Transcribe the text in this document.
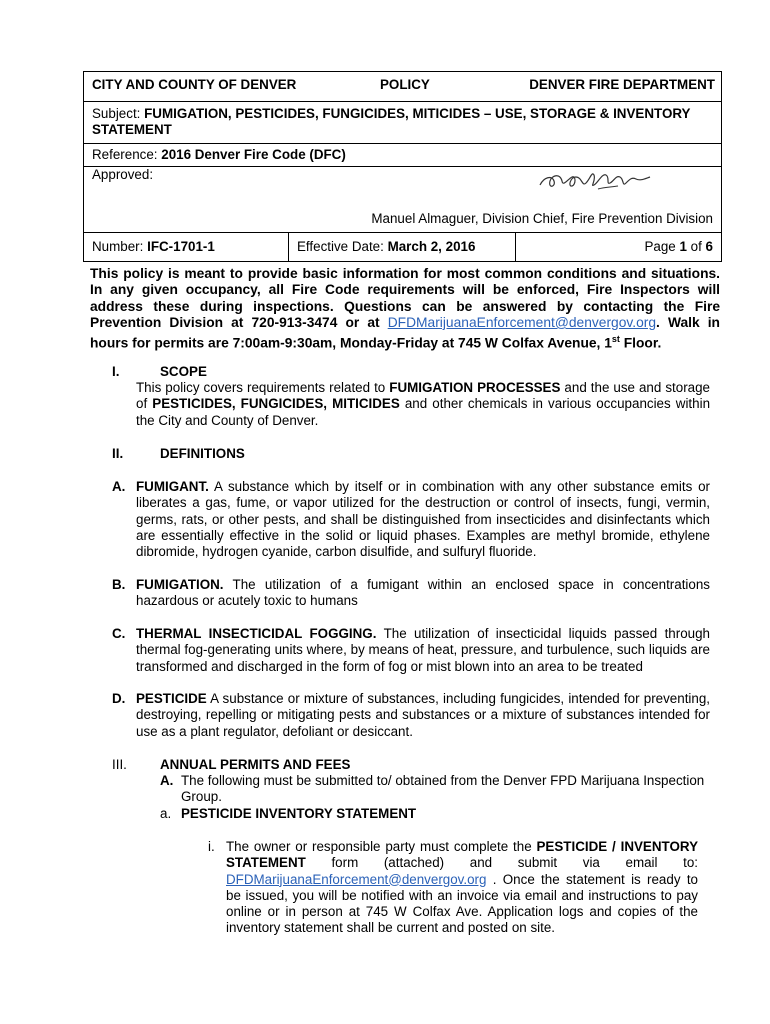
CITY AND COUNTY OF DENVER	POLICY	DENVER FIRE DEPARTMENT
Subject: FUMIGATION, PESTICIDES, FUNGICIDES, MITICIDES – USE, STORAGE & INVENTORY STATEMENT
Reference: 2016 Denver Fire Code (DFC)
Approved:
Manuel Almaguer, Division Chief, Fire Prevention Division
Number: IFC-1701-1	Effective Date: March 2, 2016	Page 1 of 6
This policy is meant to provide basic information for most common conditions and situations. In any given occupancy, all Fire Code requirements will be enforced, Fire Inspectors will address these during inspections. Questions can be answered by contacting the Fire Prevention Division at 720-913-3474 or at DFDMarijuanaEnforcement@denvergov.org. Walk in hours for permits are 7:00am-9:30am, Monday-Friday at 745 W Colfax Avenue, 1st Floor.
I.	SCOPE
This policy covers requirements related to FUMIGATION PROCESSES and the use and storage of PESTICIDES, FUNGICIDES, MITICIDES and other chemicals in various occupancies within the City and County of Denver.
II.	DEFINITIONS
A. FUMIGANT. A substance which by itself or in combination with any other substance emits or liberates a gas, fume, or vapor utilized for the destruction or control of insects, fungi, vermin, germs, rats, or other pests, and shall be distinguished from insecticides and disinfectants which are essentially effective in the solid or liquid phases. Examples are methyl bromide, ethylene dibromide, hydrogen cyanide, carbon disulfide, and sulfuryl fluoride.
B. FUMIGATION. The utilization of a fumigant within an enclosed space in concentrations hazardous or acutely toxic to humans
C. THERMAL INSECTICIDAL FOGGING. The utilization of insecticidal liquids passed through thermal fog-generating units where, by means of heat, pressure, and turbulence, such liquids are transformed and discharged in the form of fog or mist blown into an area to be treated
D. PESTICIDE A substance or mixture of substances, including fungicides, intended for preventing, destroying, repelling or mitigating pests and substances or a mixture of substances intended for use as a plant regulator, defoliant or desiccant.
III. ANNUAL PERMITS AND FEES
A. The following must be submitted to/ obtained from the Denver FPD Marijuana Inspection Group.
a. PESTICIDE INVENTORY STATEMENT
i. The owner or responsible party must complete the PESTICIDE / INVENTORY STATEMENT form (attached) and submit via email to: DFDMarijuanaEnforcement@denvergov.org . Once the statement is ready to be issued, you will be notified with an invoice via email and instructions to pay online or in person at 745 W Colfax Ave. Application logs and copies of the inventory statement shall be current and posted on site.
